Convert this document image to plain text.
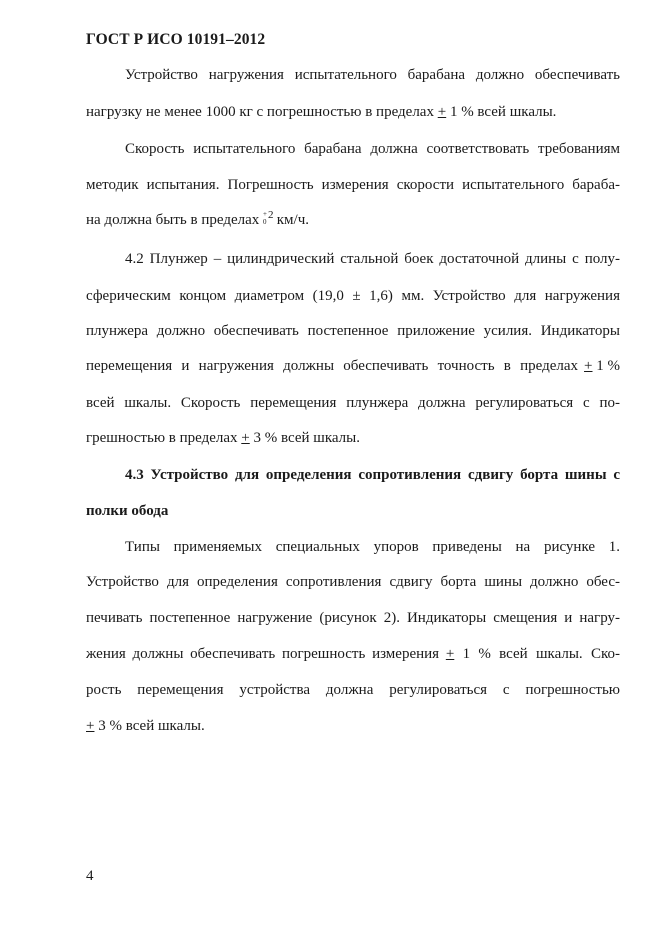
ГОСТ Р ИСО 10191–2012
Устройство нагружения испытательного барабана должно обеспечивать
нагрузку не менее 1000 кг с погрешностью в пределах + 1 % всей шкалы.
Скорость испытательного барабана должна соответствовать требованиям
методик испытания. Погрешность измерения скорости испытательного бараба-
на должна быть в пределах +
0
2 км/ч.
4.2 Плунжер – цилиндрический стальной боек достаточной длины с полу-
сферическим концом диаметром (19,0 ± 1,6) мм. Устройство для нагружения
плунжера должно обеспечивать постепенное приложение усилия. Индикаторы
перемещения и нагружения должны обеспечивать точность в пределах + 1 %
всей шкалы. Скорость перемещения плунжера должна регулироваться с по-
грешностью в пределах + 3 % всей шкалы.
4.3 Устройство для определения сопротивления сдвигу борта шины с
полки обода
Типы применяемых специальных упоров приведены на рисунке 1.
Устройство для определения сопротивления сдвигу борта шины должно обес-
печивать постепенное нагружение (рисунок 2). Индикаторы смещения и нагру-
жения должны обеспечивать погрешность измерения + 1 % всей шкалы. Ско-
рость перемещения устройства должна регулироваться с погрешностью
+ 3 % всей шкалы.
4
